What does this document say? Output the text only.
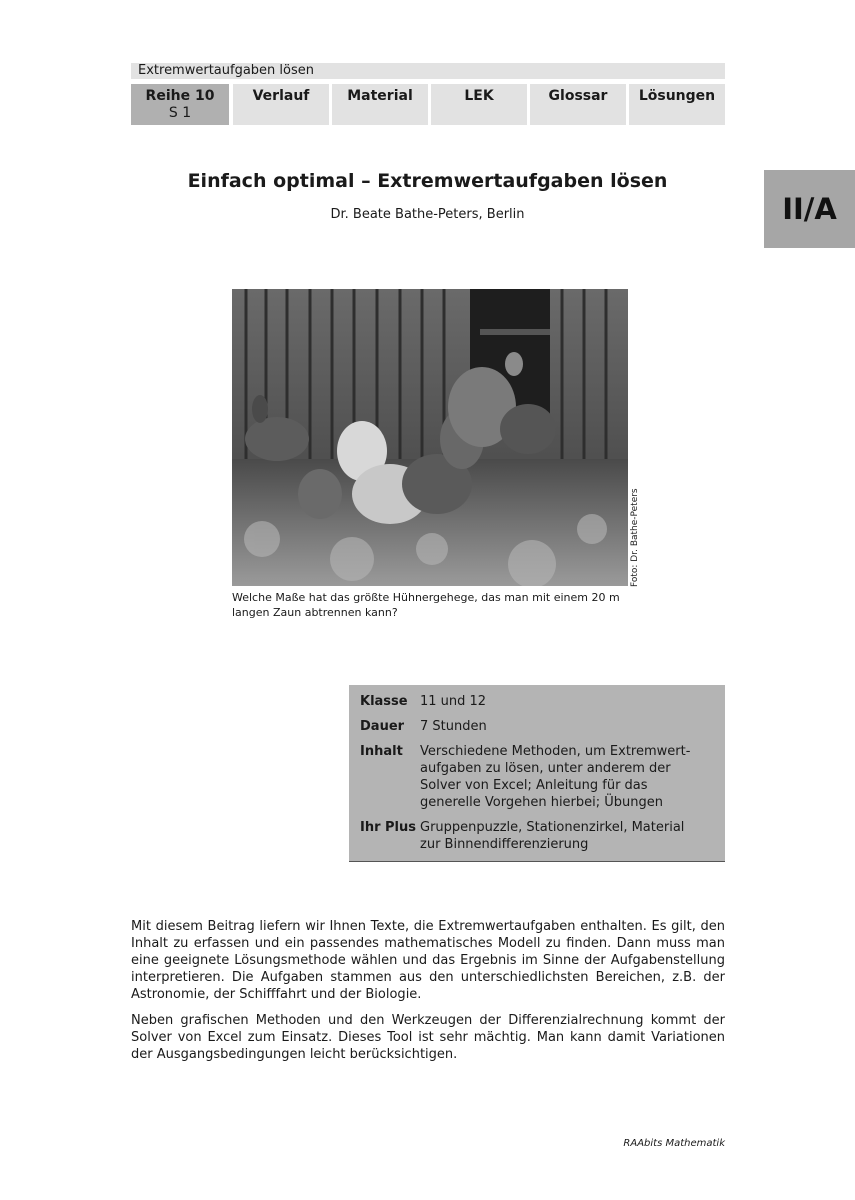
Extremwertaufgaben lösen
Reihe 10
S 1
Verlauf	Material	LEK	Glossar	Lösungen
II/A
Einfach optimal – Extremwertaufgaben lösen
Dr. Beate Bathe-Peters, Berlin
Foto: Dr. Bathe-Peters
Welche Maße hat das größte Hühnergehege, das man mit einem 20 m
langen Zaun abtrennen kann?
Klasse 11 und 12
Dauer	7 Stunden
Inhalt	Verschiedene Methoden, um Extremwert-
aufgaben zu lösen, unter anderem der
Solver von Excel; Anleitung für das
generelle Vorgehen hierbei; Übungen
Ihr Plus Gruppenpuzzle, Stationenzirkel, Material
zur Binnendifferenzierung

Mit diesem Beitrag liefern wir Ihnen Texte, die Extremwertaufgaben enthalten. Es gilt, den Inhalt zu erfassen und ein passendes mathematisches Modell zu finden. Dann muss man eine geeignete Lösungsmethode wählen und das Ergebnis im Sinne der Aufgabenstellung interpretieren. Die Aufgaben stammen aus den unterschiedlichsten Bereichen, z.B. der Astronomie, der Schifffahrt und der Biologie.

Neben grafischen Methoden und den Werkzeugen der Differenzialrechnung kommt der Solver von Excel zum Einsatz. Dieses Tool ist sehr mächtig. Man kann damit Variationen der Ausgangsbedingungen leicht berücksichtigen.

RAAbits Mathematik
